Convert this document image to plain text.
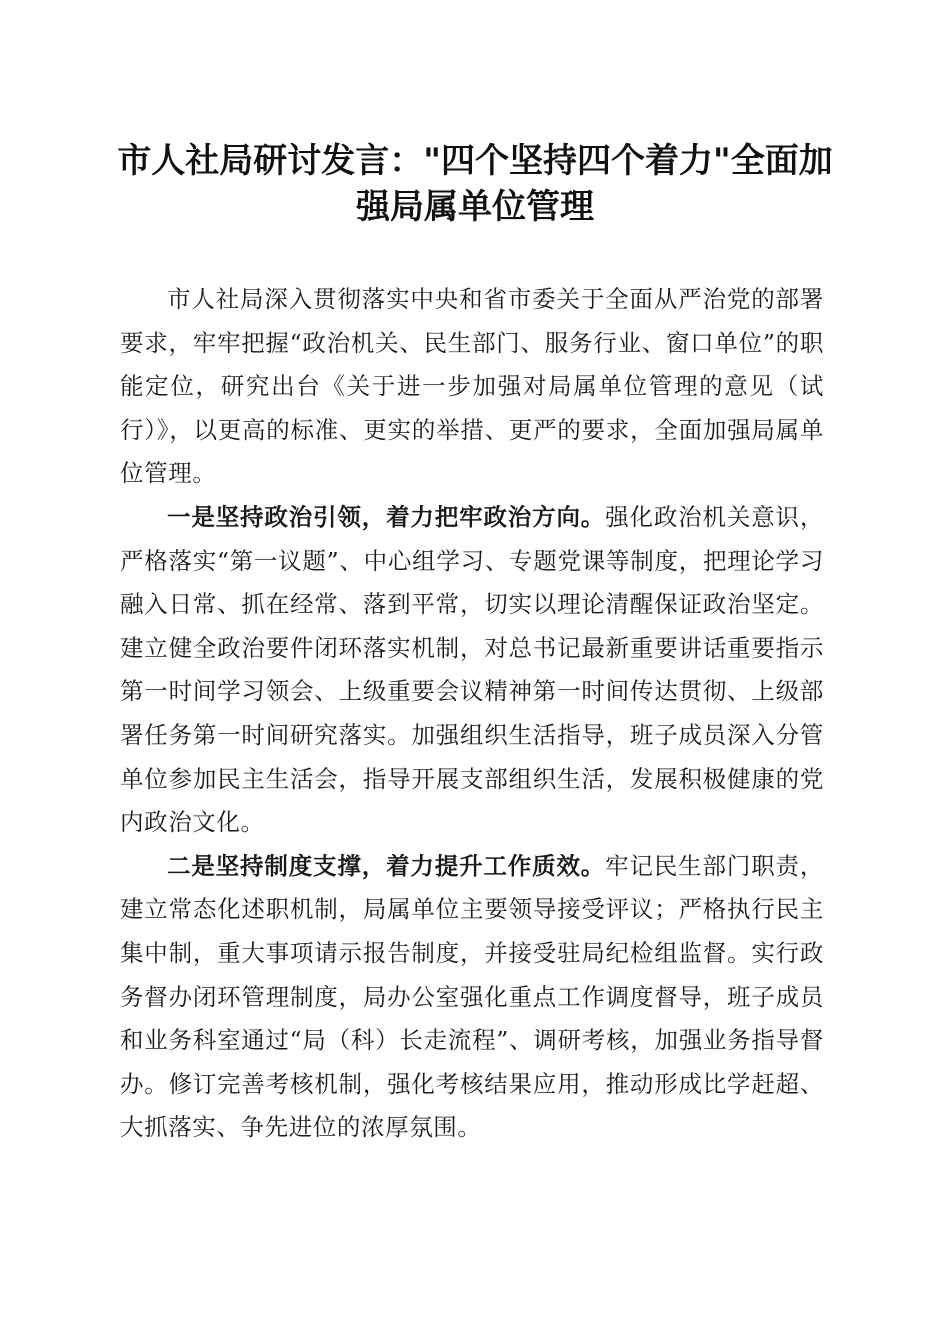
市人社局研讨发言："四个坚持四个着力"全面加强局属单位管理

市人社局深入贯彻落实中央和省市委关于全面从严治党的部署要求，牢牢把握“政治机关、民生部门、服务行业、窗口单位”的职能定位，研究出台《关于进一步加强对局属单位管理的意见（试行）》，以更高的标准、更实的举措、更严的要求，全面加强局属单位管理。

一是坚持政治引领，着力把牢政治方向。强化政治机关意识，严格落实“第一议题”、中心组学习、专题党课等制度，把理论学习融入日常、抓在经常、落到平常，切实以理论清醒保证政治坚定。建立健全政治要件闭环落实机制，对总书记最新重要讲话重要指示第一时间学习领会、上级重要会议精神第一时间传达贯彻、上级部署任务第一时间研究落实。加强组织生活指导，班子成员深入分管单位参加民主生活会，指导开展支部组织生活，发展积极健康的党内政治文化。

二是坚持制度支撑，着力提升工作质效。牢记民生部门职责，建立常态化述职机制，局属单位主要领导接受评议；严格执行民主集中制，重大事项请示报告制度，并接受驻局纪检组监督。实行政务督办闭环管理制度，局办公室强化重点工作调度督导，班子成员和业务科室通过“局（科）长走流程”、调研考核，加强业务指导督办。修订完善考核机制，强化考核结果应用，推动形成比学赶超、大抓落实、争先进位的浓厚氛围。
